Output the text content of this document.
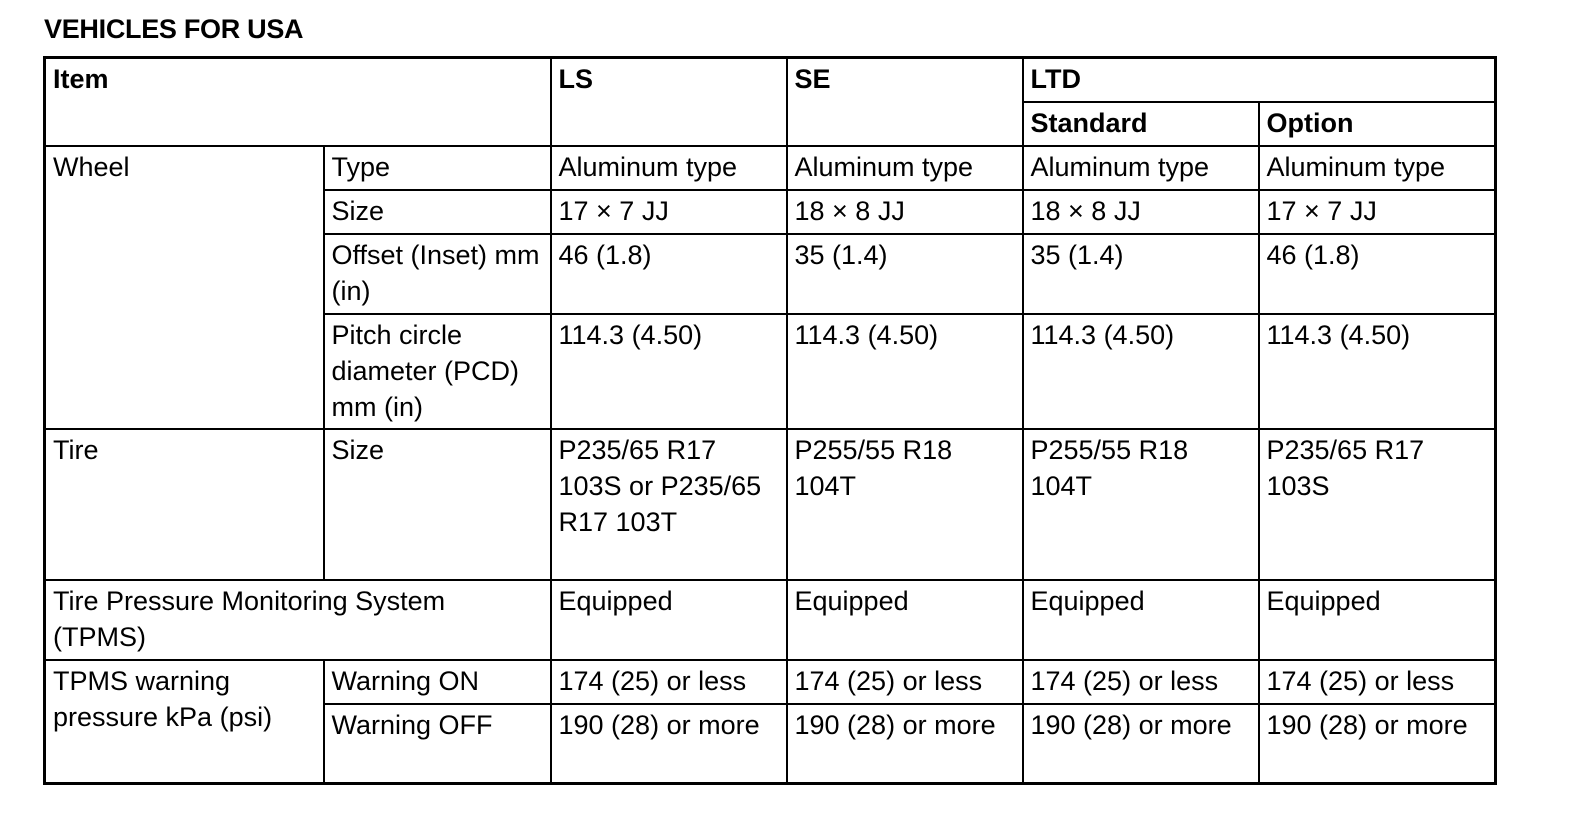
VEHICLES FOR USA
Item		LS	SE	LTD	
				Standard	Option
Wheel	Type	Aluminum type	Aluminum type	Aluminum type	Aluminum type
	Size	17 × 7 JJ	18 × 8 JJ	18 × 8 JJ	17 × 7 JJ
	Offset (Inset) mm (in)	46 (1.8)	35 (1.4)	35 (1.4)	46 (1.8)
	Pitch circle diameter (PCD) mm (in)	114.3 (4.50)	114.3 (4.50)	114.3 (4.50)	114.3 (4.50)
Tire	Size	P235/65 R17 103S or P235/65 R17 103T	P255/55 R18 104T	P255/55 R18 104T	P235/65 R17 103S
Tire Pressure Monitoring System (TPMS)		Equipped	Equipped	Equipped	Equipped
TPMS warning pressure kPa (psi)	Warning ON	174 (25) or less	174 (25) or less	174 (25) or less	174 (25) or less
	Warning OFF	190 (28) or more	190 (28) or more	190 (28) or more	190 (28) or more
